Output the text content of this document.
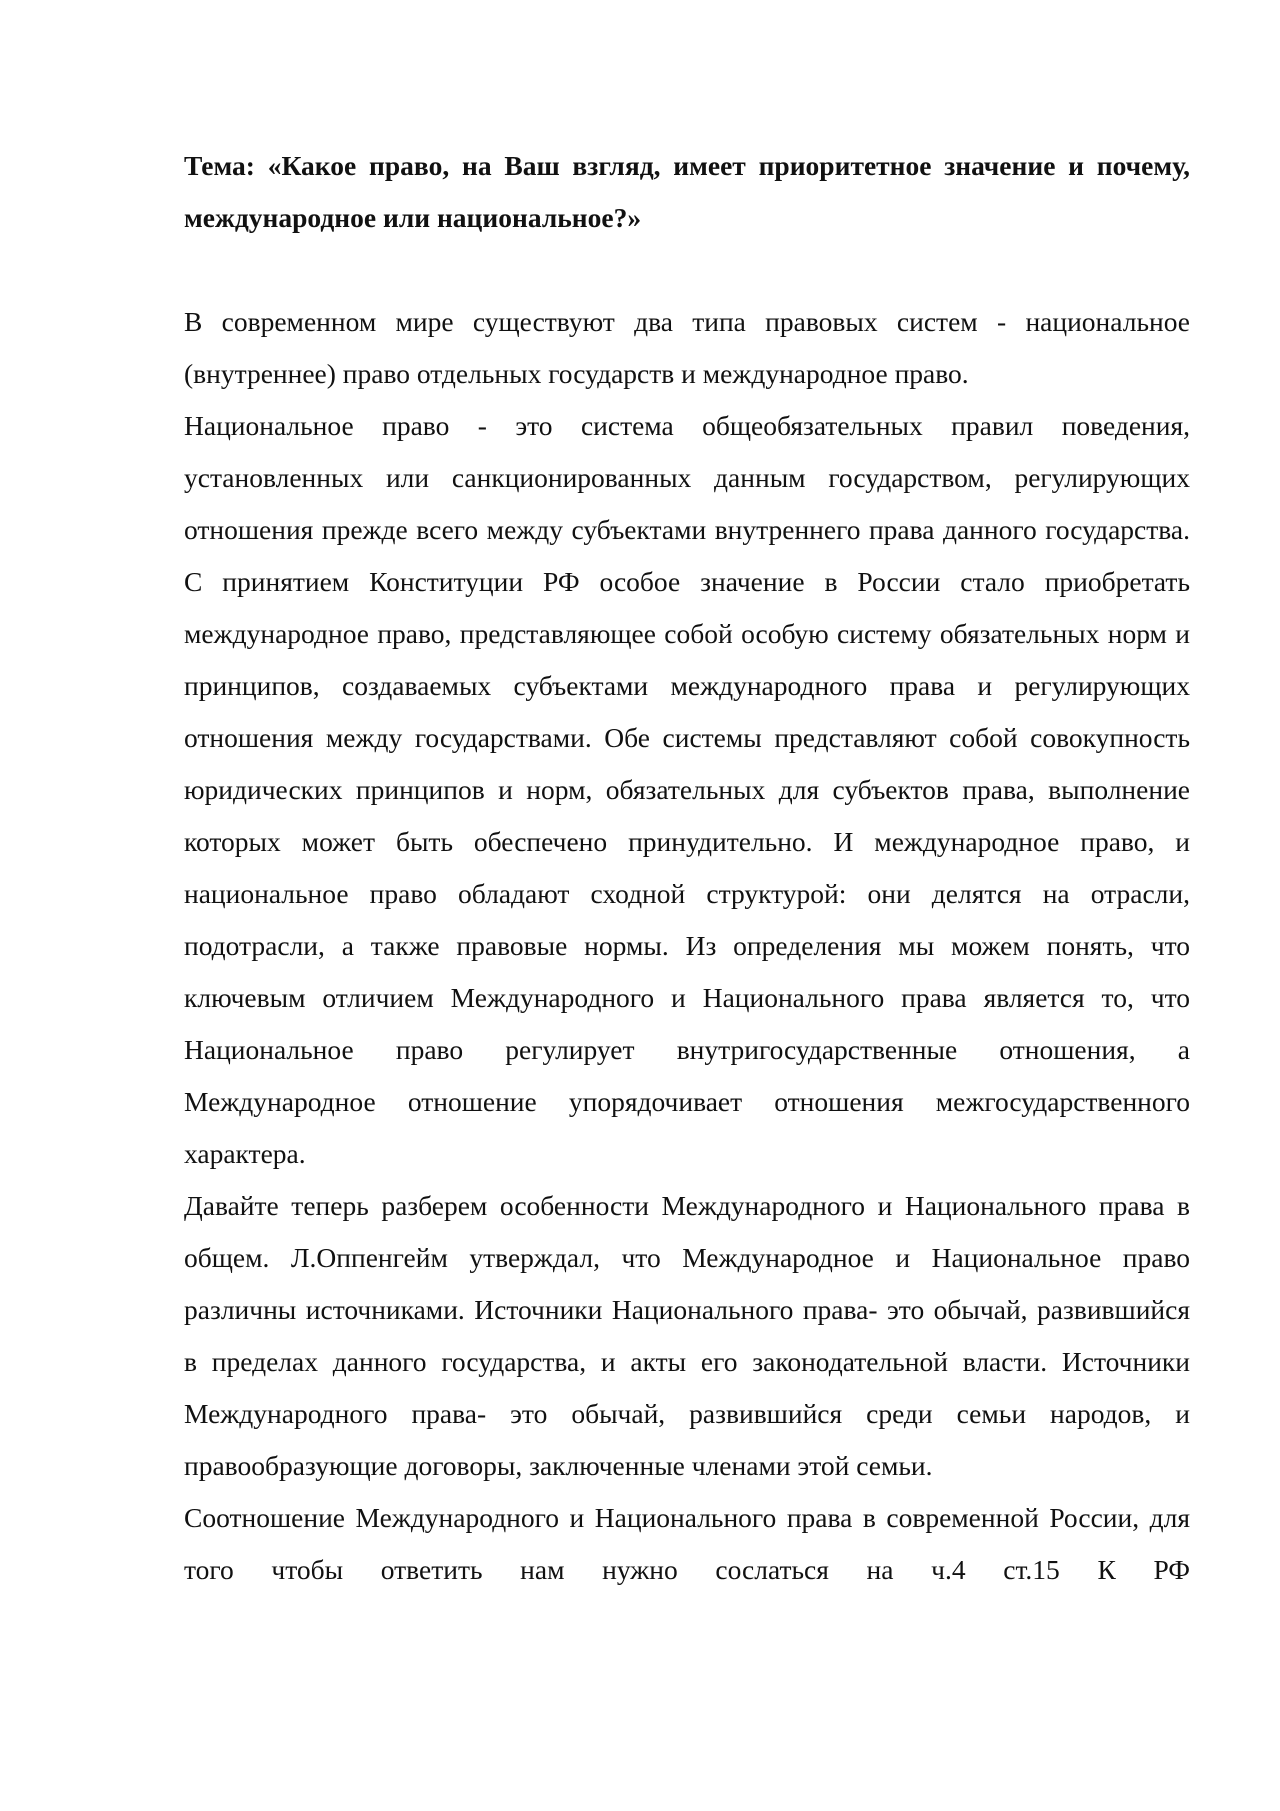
Тема: «Какое право, на Ваш взгляд, имеет приоритетное значение и почему, международное или национальное?»

В современном мире существуют два типа правовых систем - национальное (внутреннее) право отдельных государств и международное право.

Национальное право - это система общеобязательных правил поведения, установленных или санкционированных данным государством, регулирующих отношения прежде всего между субъектами внутреннего права данного государства. С принятием Конституции РФ особое значение в России стало приобретать международное право, представляющее собой особую систему обязательных норм и принципов, создаваемых субъектами международного права и регулирующих отношения между государствами. Обе системы представляют собой совокупность юридических принципов и норм, обязательных для субъектов права, выполнение которых может быть обеспечено принудительно. И международное право, и национальное право обладают сходной структурой: они делятся на отрасли, подотрасли, а также правовые нормы. Из определения мы можем понять, что ключевым отличием Международного и Национального права является то, что Национальное право регулирует внутригосударственные отношения, а Международное отношение упорядочивает отношения межгосударственного характера.

Давайте теперь разберем особенности Международного и Национального права в общем. Л.Оппенгейм утверждал, что Международное и Национальное право различны источниками. Источники Национального права- это обычай, развившийся в пределах данного государства, и акты его законодательной власти. Источники Международного права- это обычай, развившийся среди семьи народов, и правообразующие договоры, заключенные членами этой семьи.

Соотношение Международного и Национального права в современной России, для того чтобы ответить нам нужно сослаться на ч.4 ст.15 К РФ
